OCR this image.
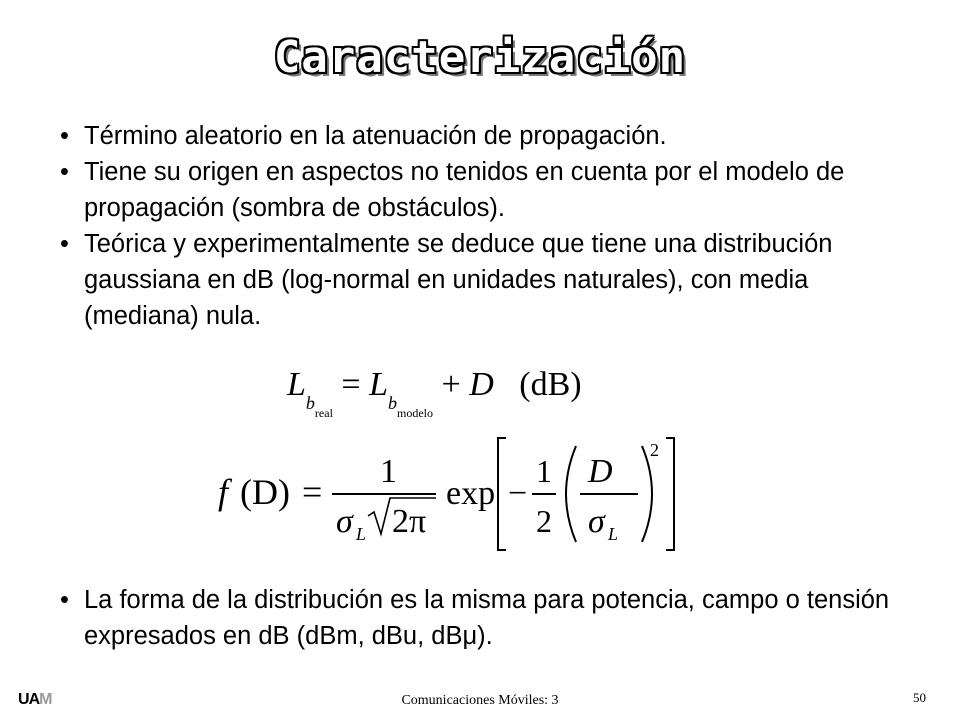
Caracterización
• Término aleatorio en la atenuación de propagación.
• Tiene su origen en aspectos no tenidos en cuenta por el modelo de propagación (sombra de obstáculos).
• Teórica y experimentalmente se deduce que tiene una distribución gaussiana en dB (log-normal en unidades naturales), con media (mediana) nula.
$L_{b_{real}} = L_{b_{modelo}} + D$ (dB)
f (D) =
1
σ L 2π
exp −
1
2
D
σ L
2
• La forma de la distribución es la misma para potencia, campo o tensión expresados en dB (dBm, dBu, dBμ).
UAM	Comunicaciones Móviles: 3	50
